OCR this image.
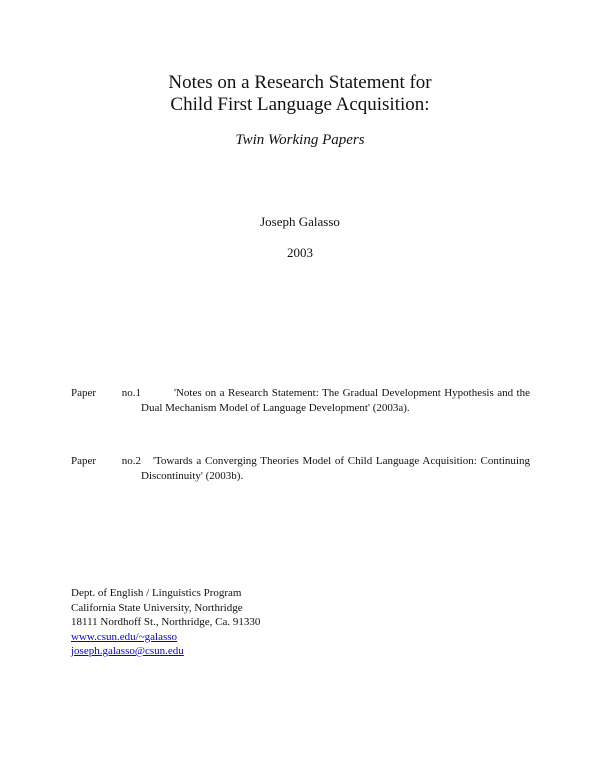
Notes on a Research Statement for
Child First Language Acquisition:
Twin Working Papers
Joseph Galasso
2003
Paper no.1	'Notes on a Research Statement: The Gradual Development Hypothesis and the Dual Mechanism Model of Language Development' (2003a).
Paper no.2	'Towards a Converging Theories Model of Child Language Acquisition: Continuing Discontinuity' (2003b).
Dept. of English / Linguistics Program
California State University, Northridge
18111 Nordhoff St., Northridge, Ca. 91330
www.csun.edu/~galasso
joseph.galasso@csun.edu
